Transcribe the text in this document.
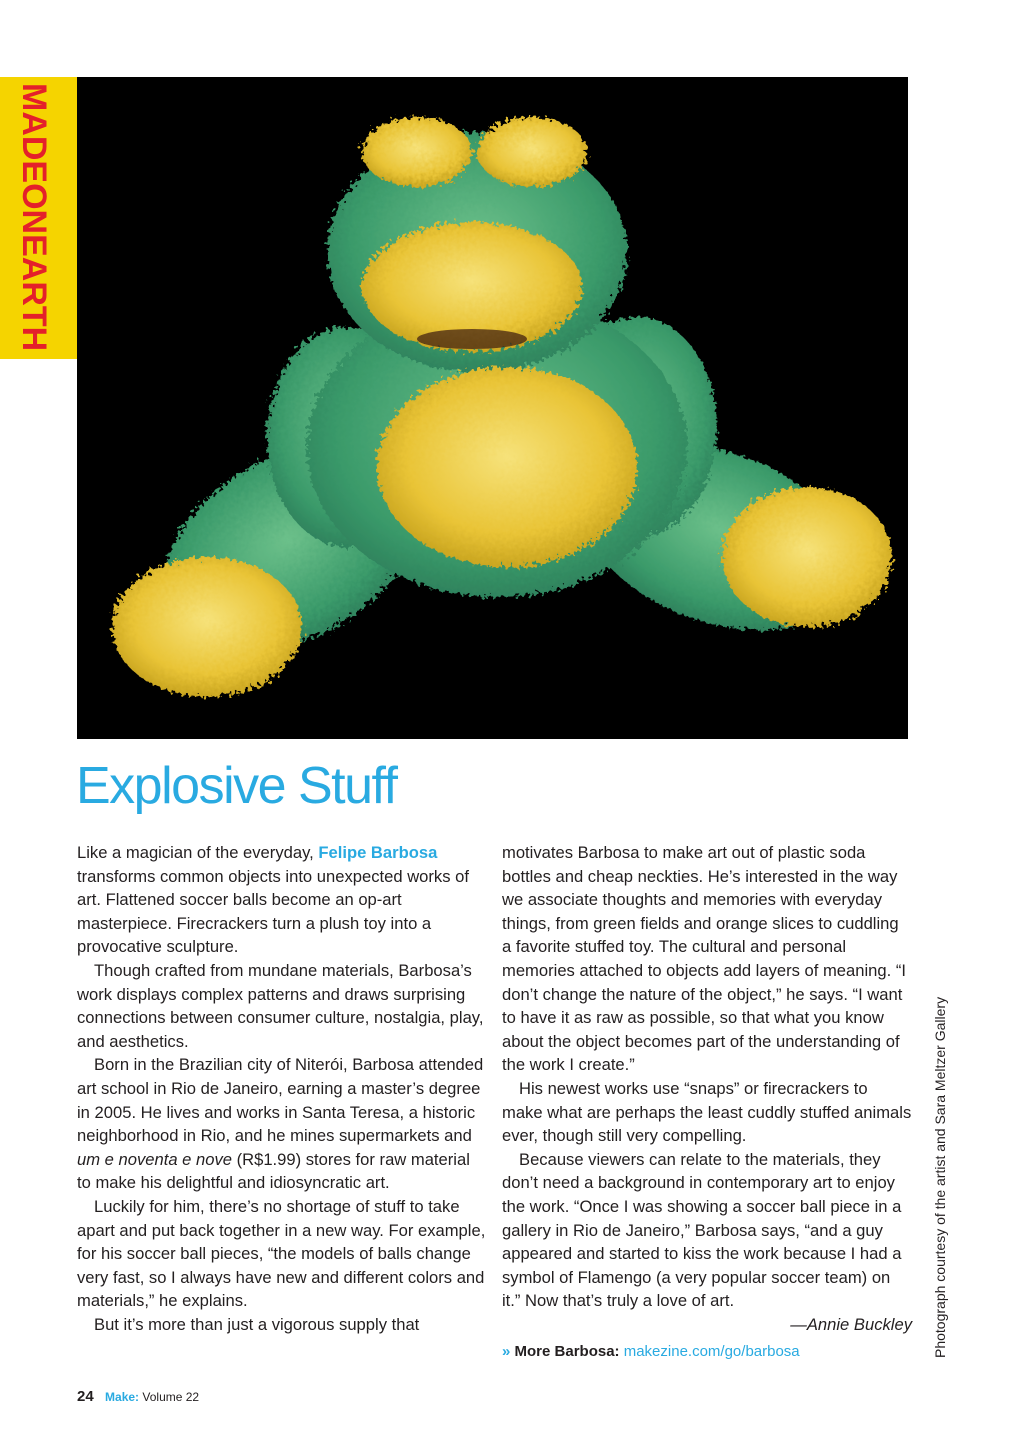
MADEONEARTH
Explosive Stuff

Like a magician of the everyday, Felipe Barbosa transforms common objects into unexpected works of art. Flattened soccer balls become an op-art masterpiece. Firecrackers turn a plush toy into a provocative sculpture.

Though crafted from mundane materials, Barbosa’s work displays complex patterns and draws surprising connections between consumer culture, nostalgia, play, and aesthetics.

Born in the Brazilian city of Niterói, Barbosa attended art school in Rio de Janeiro, earning a master’s degree in 2005. He lives and works in Santa Teresa, a historic neighborhood in Rio, and he mines supermarkets and um e noventa e nove (R$1.99) stores for raw material to make his delightful and idiosyncratic art.

Luckily for him, there’s no shortage of stuff to take apart and put back together in a new way. For example, for his soccer ball pieces, “the models of balls change very fast, so I always have new and different colors and materials,” he explains.

But it’s more than just a vigorous supply that

motivates Barbosa to make art out of plastic soda bottles and cheap neckties. He’s interested in the way we associate thoughts and memories with everyday things, from green fields and orange slices to cuddling a favorite stuffed toy. The cultural and personal memories attached to objects add layers of meaning. “I don’t change the nature of the object,” he says. “I want to have it as raw as possible, so that what you know about the object becomes part of the understanding of the work I create.”

His newest works use “snaps” or firecrackers to make what are perhaps the least cuddly stuffed animals ever, though still very compelling.

Because viewers can relate to the materials, they don’t need a background in contemporary art to enjoy the work. “Once I was showing a soccer ball piece in a gallery in Rio de Janeiro,” Barbosa says, “and a guy appeared and started to kiss the work because I had a symbol of Flamengo (a very popular soccer team) on it.” Now that’s truly a love of art.

—Annie Buckley

» More Barbosa: makezine.com/go/barbosa	Photograph courtesy of the artist and Sara Meltzer Gallery
24 Make: Volume 22
